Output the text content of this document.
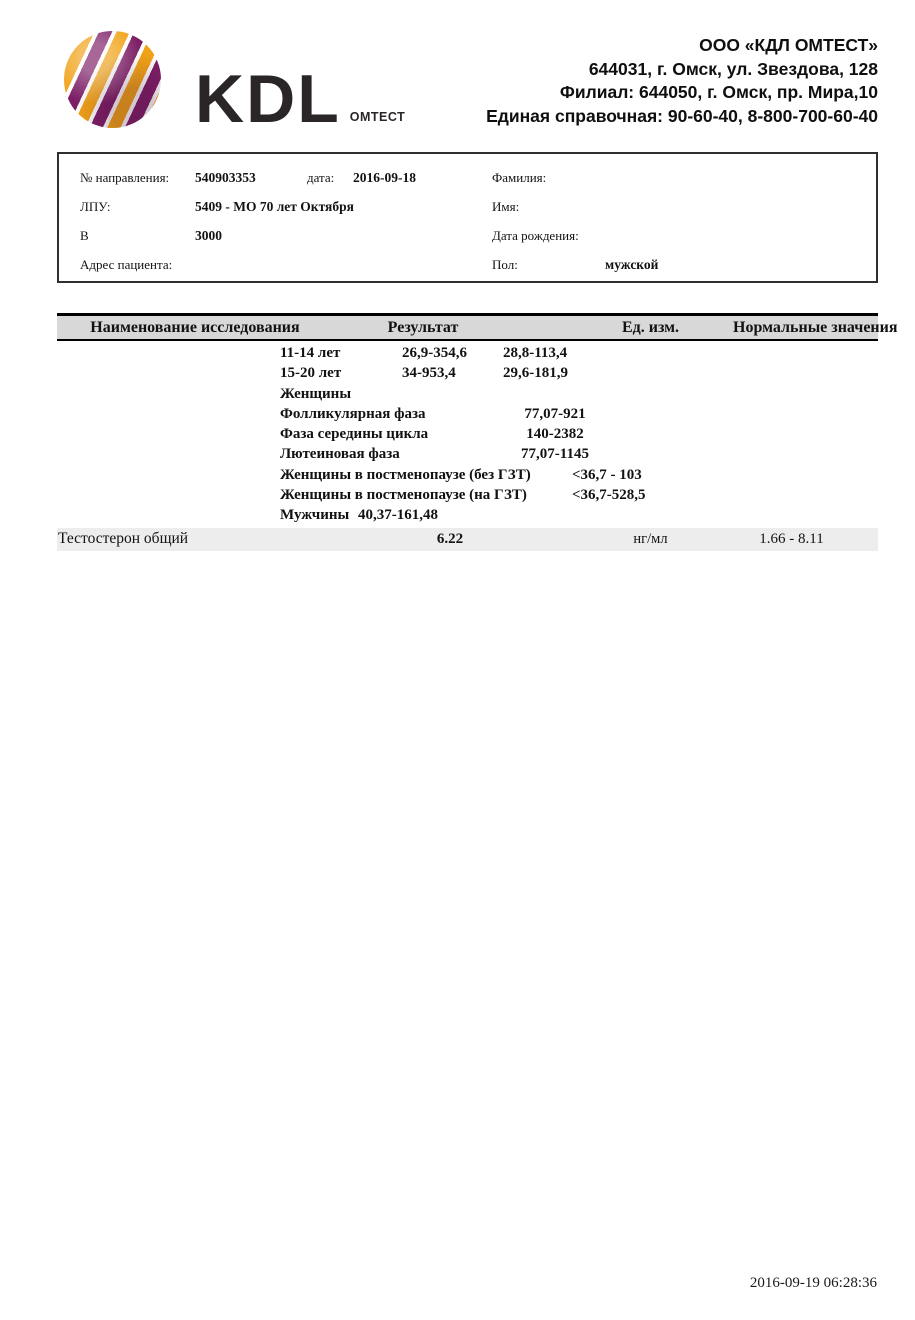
KDL ОМТЕСТ
ООО «КДЛ ОМТЕСТ»
644031, г. Омск, ул. Звездова, 128
Филиал: 644050, г. Омск, пр. Мира,10
Единая справочная: 90-60-40, 8-800-700-60-40
№ направления:	540903353	дата:	2016-09-18	Фамилия:
ЛПУ:	5409 - МО 70 лет Октября	Имя:
В	3000	Дата рождения:
Адрес пациента:	Пол:	мужской
Наименование исследования	Результат	Ед. изм.	Нормальные значения
11-14 лет	26,9-354,6	28,8-113,4
15-20 лет	34-953,4	29,6-181,9
Женщины
Фолликулярная фаза	77,07-921
Фаза середины цикла	140-2382
Лютеиновая фаза	77,07-1145
Женщины в постменопаузе (без ГЗТ)	<36,7 - 103
Женщины в постменопаузе (на ГЗТ)	<36,7-528,5
Мужчины 40,37-161,48
Тестостерон общий	6.22	нг/мл	1.66 - 8.11
2016-09-19 06:28:36
